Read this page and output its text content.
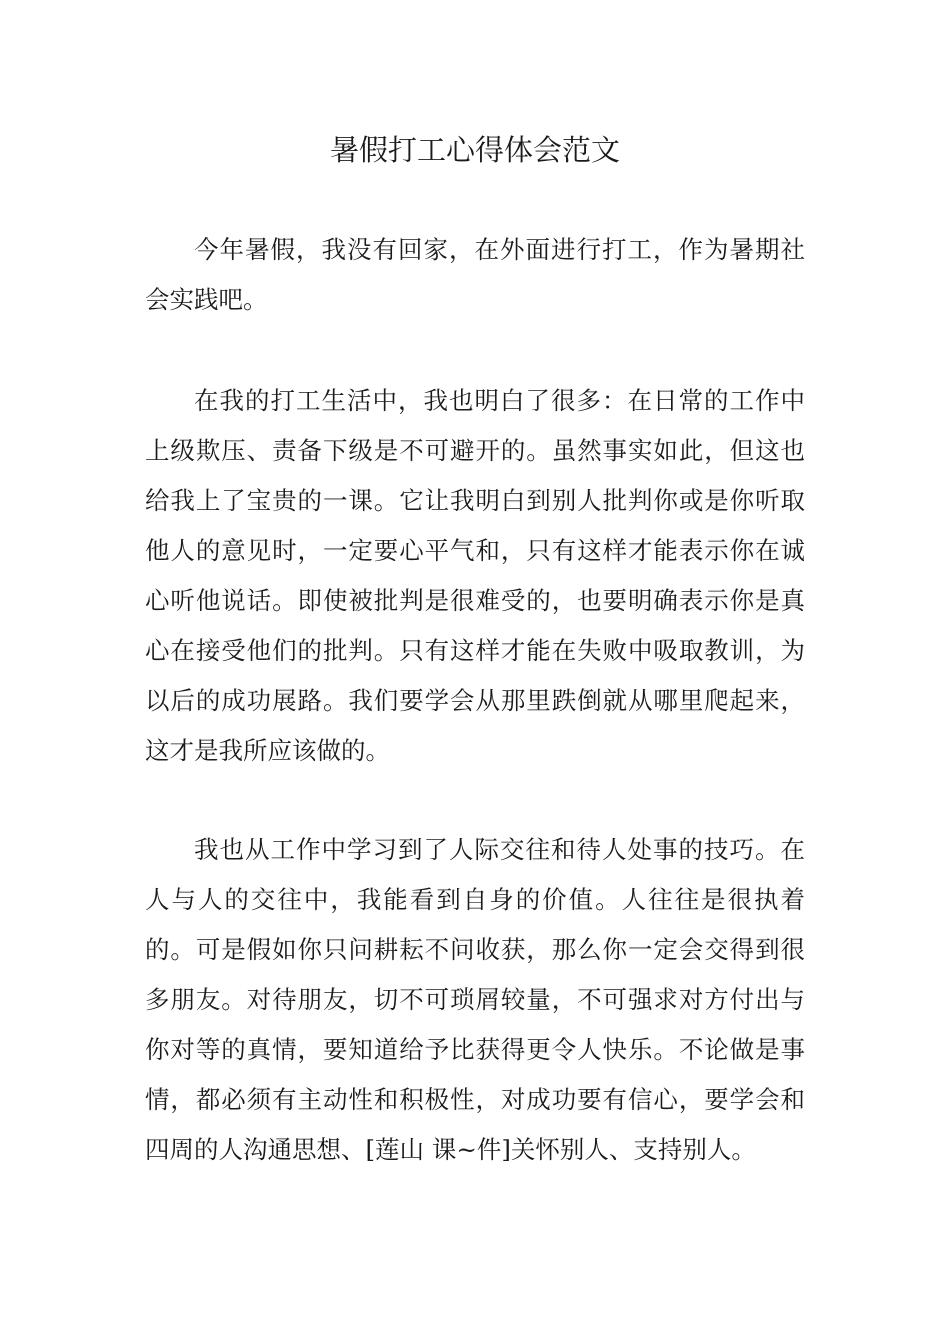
暑假打工心得体会范文

今年暑假，我没有回家，在外面进行打工，作为暑期社会实践吧。

在我的打工生活中，我也明白了很多：在日常的工作中上级欺压、责备下级是不可避开的。虽然事实如此，但这也给我上了宝贵的一课。它让我明白到别人批判你或是你听取他人的意见时，一定要心平气和，只有这样才能表示你在诚心听他说话。即使被批判是很难受的，也要明确表示你是真心在接受他们的批判。只有这样才能在失败中吸取教训，为以后的成功展路。我们要学会从那里跌倒就从哪里爬起来，这才是我所应该做的。

我也从工作中学习到了人际交往和待人处事的技巧。在人与人的交往中，我能看到自身的价值。人往往是很执着的。可是假如你只问耕耘不问收获，那么你一定会交得到很多朋友。对待朋友，切不可琐屑较量，不可强求对方付出与你对等的真情，要知道给予比获得更令人快乐。不论做是事情，都必须有主动性和积极性，对成功要有信心，要学会和四周的人沟通思想、[莲山 课~件]关怀别人、支持别人。
